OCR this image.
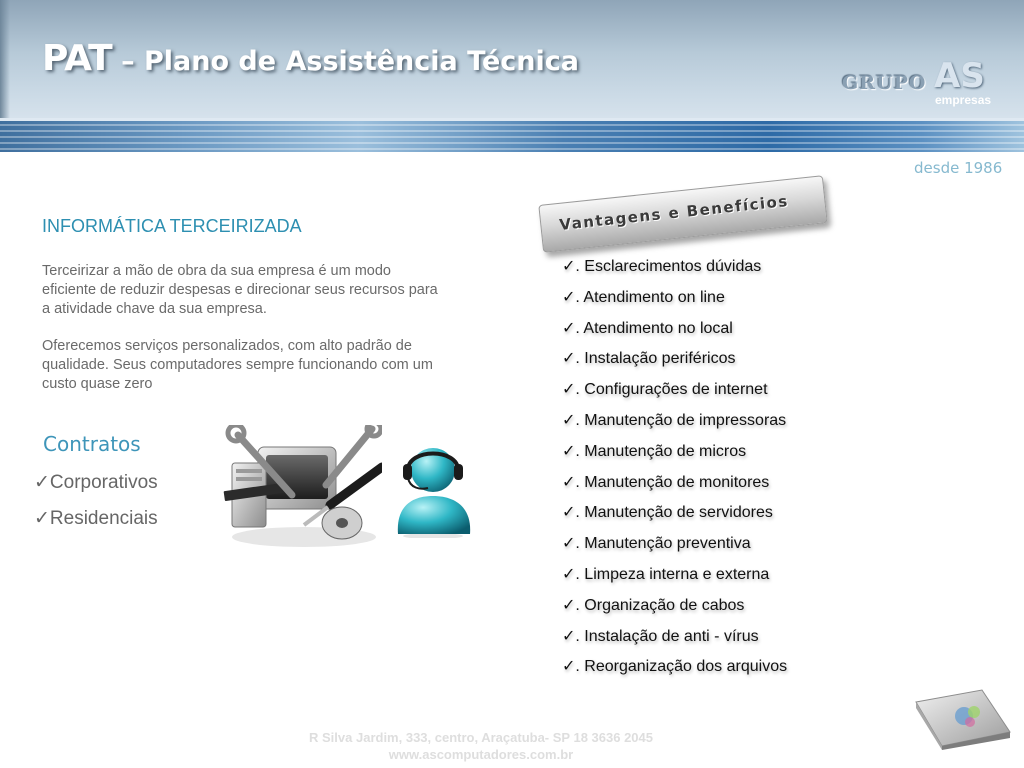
PAT – Plano de Assistência Técnica
GRUPO AS
empresas
desde 1986
INFORMÁTICA TERCEIRIZADA
Terceirizar a mão de obra da sua empresa é um modo eficiente de reduzir despesas e direcionar seus recursos para a atividade chave da sua empresa.
Oferecemos serviços personalizados, com alto padrão de qualidade. Seus computadores sempre funcionando com um custo quase zero
Contratos
✓Corporativos
✓Residenciais
Vantagens e Benefícios
✓. Esclarecimentos dúvidas
✓. Atendimento on line
✓. Atendimento no local
✓. Instalação periféricos
✓. Configurações de internet
✓. Manutenção de impressoras
✓. Manutenção de micros
✓. Manutenção de monitores
✓. Manutenção de servidores
✓. Manutenção preventiva
✓. Limpeza interna e externa
✓. Organização de cabos
✓. Instalação de anti - vírus
✓. Reorganização dos arquivos
R Silva Jardim, 333, centro, Araçatuba- SP 18 3636 2045
www.ascomputadores.com.br
